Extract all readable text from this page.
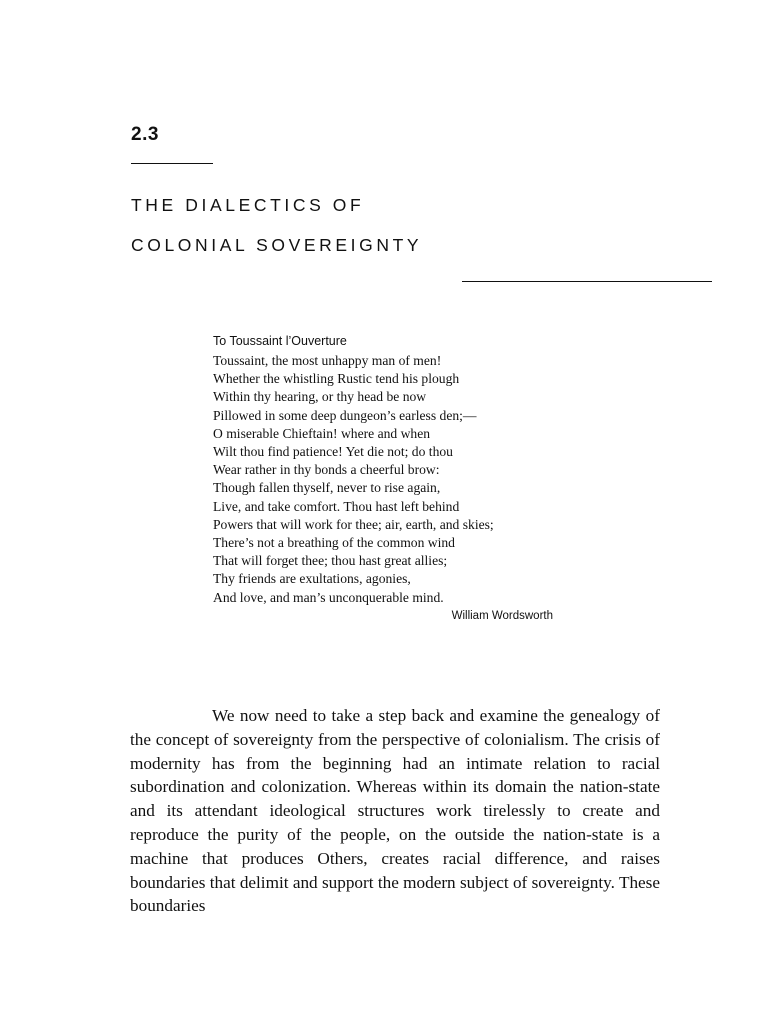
2.3
THE DIALECTICS OF
COLONIAL SOVEREIGNTY
To Toussaint l’Ouverture
Toussaint, the most unhappy man of men!
Whether the whistling Rustic tend his plough
Within thy hearing, or thy head be now
Pillowed in some deep dungeon’s earless den;—
O miserable Chieftain! where and when
Wilt thou find patience! Yet die not; do thou
Wear rather in thy bonds a cheerful brow:
Though fallen thyself, never to rise again,
Live, and take comfort. Thou hast left behind
Powers that will work for thee; air, earth, and skies;
There’s not a breathing of the common wind
That will forget thee; thou hast great allies;
Thy friends are exultations, agonies,
And love, and man’s unconquerable mind.
William Wordsworth

We now need to take a step back and examine the genealogy of the concept of sovereignty from the perspective of colonialism. The crisis of modernity has from the beginning had an intimate relation to racial subordination and colonization. Whereas within its domain the nation-state and its attendant ideological structures work tirelessly to create and reproduce the purity of the people, on the outside the nation-state is a machine that produces Others, creates racial difference, and raises boundaries that delimit and support the modern subject of sovereignty. These boundaries
